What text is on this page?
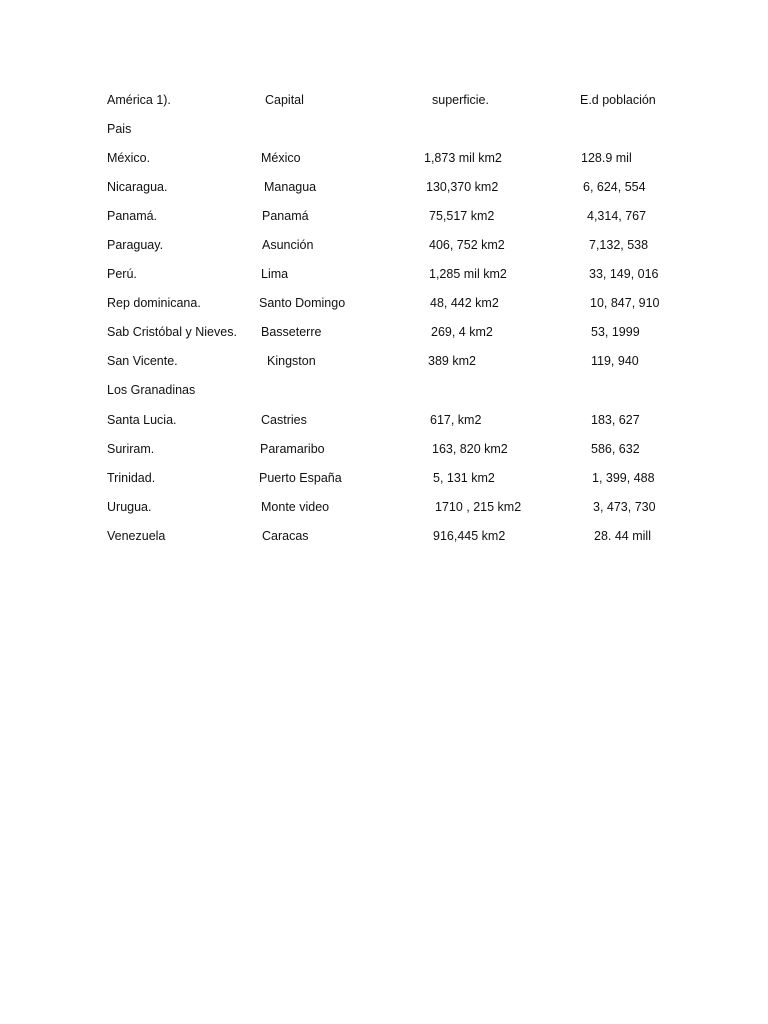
América 1).	Capital	superficie.	E.d población
Pais
México.	México	1,873 mil km2	128.9 mil
Nicaragua.	Managua	130,370 km2	6, 624, 554
Panamá.	Panamá	75,517 km2	4,314, 767
Paraguay.	Asunción	406, 752 km2	7,132, 538
Perú.	Lima	1,285 mil km2	33, 149, 016
Rep dominicana.	Santo Domingo	48, 442 km2	10, 847, 910
Sab Cristóbal y Nieves. Basseterre	269, 4 km2	53, 1999
San Vicente.	Kingston	389 km2	119, 940
Los Granadinas
Santa Lucia.	Castries	617, km2	183, 627
Suriram.	Paramaribo	163, 820 km2	586, 632
Trinidad.	Puerto España	5, 131 km2	1, 399, 488
Urugua.	Monte video	1710 , 215 km2	3, 473, 730
Venezuela	Caracas	916,445 km2	28. 44 mill
